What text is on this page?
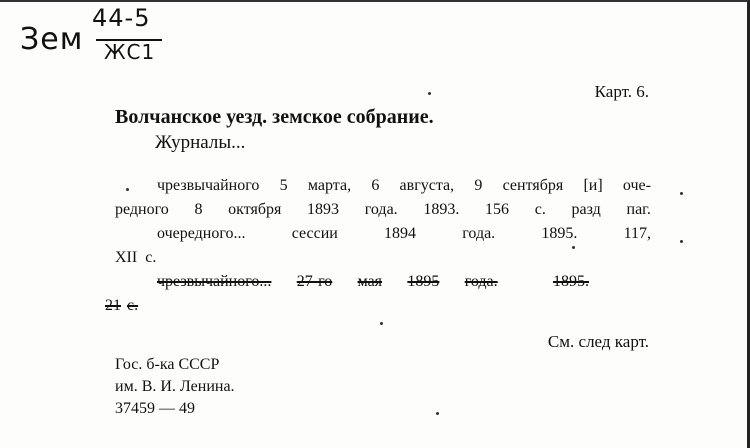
Зем
44-5
ЖС1
Карт. 6.
Волчанское уезд. земское собрание.
Журналы...
чрезвычайного 5 марта, 6 августа, 9 сентября [и] оче-
редного 8 октября 1893 года. 1893. 156 с. разд паг.
очередного...	сессии	1894	года.	1895.	117,
XII с.
чрезвычайного... 27-го мая 1895 года.	1895.
21 с.
См. след карт.
Гос. б-ка СССР
им. В. И. Ленина.
37459 — 49
